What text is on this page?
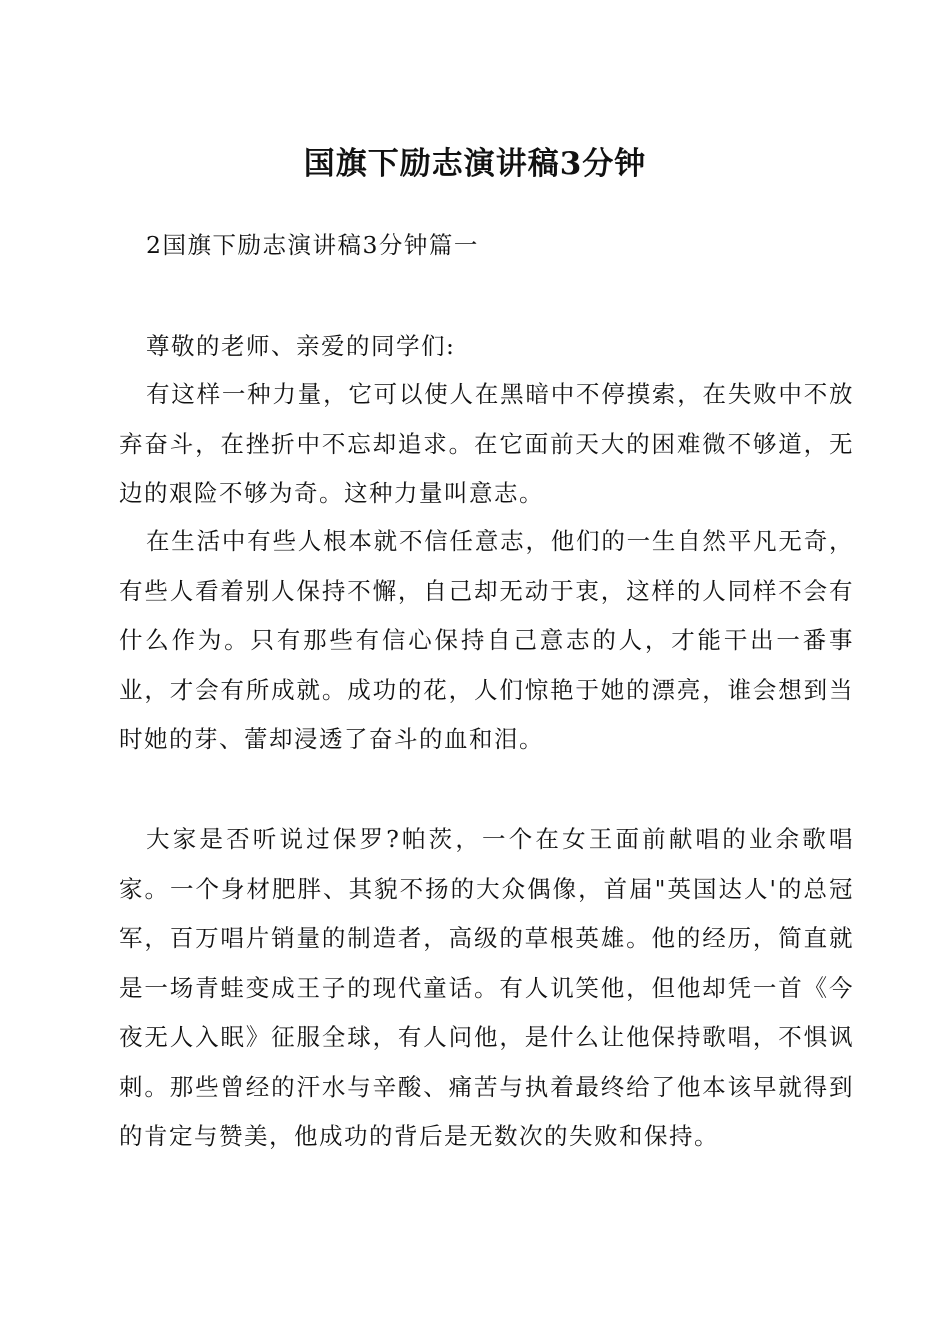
国旗下励志演讲稿3分钟

2国旗下励志演讲稿3分钟篇一

尊敬的老师、亲爱的同学们:

有这样一种力量，它可以使人在黑暗中不停摸索，在失败中不放弃奋斗，在挫折中不忘却追求。在它面前天大的困难微不够道，无边的艰险不够为奇。这种力量叫意志。

在生活中有些人根本就不信任意志，他们的一生自然平凡无奇，有些人看着别人保持不懈，自己却无动于衷，这样的人同样不会有什么作为。只有那些有信心保持自己意志的人，才能干出一番事业，才会有所成就。成功的花，人们惊艳于她的漂亮，谁会想到当时她的芽、蕾却浸透了奋斗的血和泪。

大家是否听说过保罗?帕茨，一个在女王面前献唱的业余歌唱家。一个身材肥胖、其貌不扬的大众偶像，首届"英国达人'的总冠军，百万唱片销量的制造者，高级的草根英雄。他的经历，简直就是一场青蛙变成王子的现代童话。有人讥笑他，但他却凭一首《今夜无人入眠》征服全球，有人问他，是什么让他保持歌唱，不惧讽刺。那些曾经的汗水与辛酸、痛苦与执着最终给了他本该早就得到的肯定与赞美，他成功的背后是无数次的失败和保持。
